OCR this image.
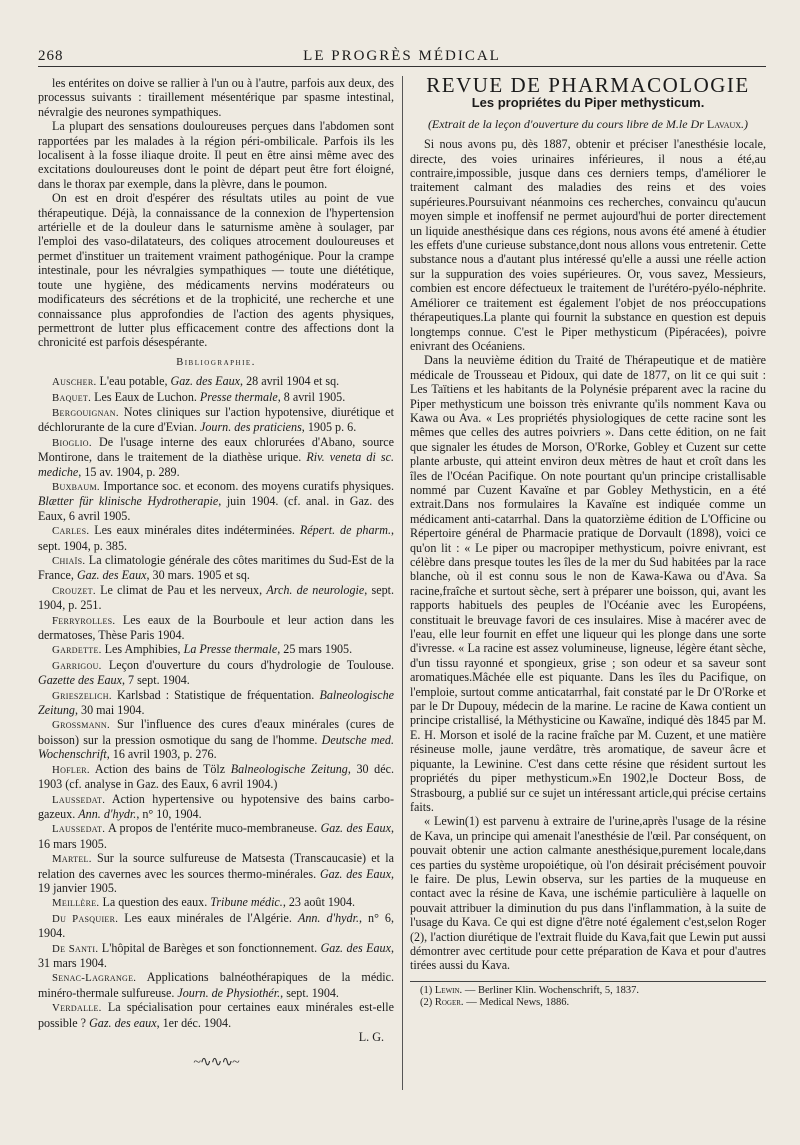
268	LE PROGRÈS MÉDICAL

les entérites on doive se rallier à l'un ou à l'autre, parfois aux deux, des processus suivants : tiraillement mésentérique par spasme intestinal, névralgie des neurones sympathiques.

La plupart des sensations douloureuses perçues dans l'abdomen sont rapportées par les malades à la région péri-ombilicale. Parfois ils les localisent à la fosse iliaque droite. Il peut en être ainsi même avec des excitations douloureuses dont le point de départ peut être fort éloigné, dans le thorax par exemple, dans la plèvre, dans le poumon.

On est en droit d'espérer des résultats utiles au point de vue thérapeutique. Déjà, la connaissance de la connexion de l'hypertension artérielle et de la douleur dans le saturnisme amène à soulager, par l'emploi des vaso-dilatateurs, des coliques atrocement douloureuses et permet d'instituer un traitement vraiment pathogénique. Pour la crampe intestinale, pour les névralgies sympathiques — toute une diététique, toute une hygiène, des médicaments nervins modérateurs ou modificateurs des sécrétions et de la trophicité, une recherche et une connaissance plus approfondies de l'action des agents physiques, permettront de lutter plus efficacement contre des affections dont la chronicité est parfois désespérante.

Bibliographie.

Auscher. L'eau potable, Gaz. des Eaux, 28 avril 1904 et sq.

Baquet. Les Eaux de Luchon. Presse thermale, 8 avril 1905.

Bergouignan. Notes cliniques sur l'action hypotensive, diurétique et déchlorurante de la cure d'Evian. Journ. des praticiens, 1905 p. 6.

Bioglio. De l'usage interne des eaux chlorurées d'Abano, source Montirone, dans le traitement de la diathèse urique. Riv. veneta di sc. mediche, 15 av. 1904, p. 289.

Buxbaum. Importance soc. et econom. des moyens curatifs physiques. Blætter für klinische Hydrotherapie, juin 1904. (cf. anal. in Gaz. des Eaux, 6 avril 1905.

Carles. Les eaux minérales dites indéterminées. Répert. de pharm., sept. 1904, p. 385.

Chiaïs. La climatologie générale des côtes maritimes du Sud-Est de la France, Gaz. des Eaux, 30 mars. 1905 et sq.

Crouzet. Le climat de Pau et les nerveux, Arch. de neurologie, sept. 1904, p. 251.

Ferryrolles. Les eaux de la Bourboule et leur action dans les dermatoses, Thèse Paris 1904.

Gardette. Les Amphibies, La Presse thermale, 25 mars 1905.

Garrigou. Leçon d'ouverture du cours d'hydrologie de Toulouse. Gazette des Eaux, 7 sept. 1904.

Grieszelich. Karlsbad : Statistique de fréquentation. Balneologische Zeitung, 30 mai 1904.

Grossmann. Sur l'influence des cures d'eaux minérales (cures de boisson) sur la pression osmotique du sang de l'homme. Deutsche med. Wochenschrift, 16 avril 1903, p. 276.

Hofler. Action des bains de Tölz Balneologische Zeitung, 30 déc. 1903 (cf. analyse in Gaz. des Eaux, 6 avril 1904.)

Laussedat. Action hypertensive ou hypotensive des bains carbo-gazeux. Ann. d'hydr., n° 10, 1904.

Laussedat. A propos de l'entérite muco-membraneuse. Gaz. des Eaux, 16 mars 1905.

Martel. Sur la source sulfureuse de Matsesta (Transcaucasie) et la relation des cavernes avec les sources thermo-minérales. Gaz. des Eaux, 19 janvier 1905.

Meillère. La question des eaux. Tribune médic., 23 août 1904.

Du Pasquier. Les eaux minérales de l'Algérie. Ann. d'hydr., n° 6, 1904.

De Santi. L'hôpital de Barèges et son fonctionnement. Gaz. des Eaux, 31 mars 1904.

Senac-Lagrange. Applications balnéothérapiques de la médic. minéro-thermale sulfureuse. Journ. de Physiothér., sept. 1904.

Verdalle. La spécialisation pour certaines eaux minérales est-elle possible ? Gaz. des eaux, 1er déc. 1904.

L. G.
~∿∿∿~
REVUE DE PHARMACOLOGIE
Les propriétes du Piper methysticum.
(Extrait de la leçon d'ouverture du cours libre de M.le Dr Lavaux.)

Si nous avons pu, dès 1887, obtenir et préciser l'anesthésie locale, directe, des voies urinaires inférieures, il nous a été,au contraire,impossible, jusque dans ces derniers temps, d'améliorer le traitement calmant des maladies des reins et des voies supérieures.Poursuivant néanmoins ces recherches, convaincu qu'aucun moyen simple et inoffensif ne permet aujourd'hui de porter directement un liquide anesthésique dans ces régions, nous avons été amené à étudier les effets d'une curieuse substance,dont nous allons vous entretenir. Cette substance nous a d'autant plus intéressé qu'elle a aussi une réelle action sur la suppuration des voies supérieures. Or, vous savez, Messieurs, combien est encore défectueux le traitement de l'urétéro-pyélo-néphrite. Améliorer ce traitement est également l'objet de nos préoccupations thérapeutiques.La plante qui fournit la substance en question est depuis longtemps connue. C'est le Piper methysticum (Pipéracées), poivre enivrant des Océaniens.

Dans la neuvième édition du Traité de Thérapeutique et de matière médicale de Trousseau et Pidoux, qui date de 1877, on lit ce qui suit : Les Taïtiens et les habitants de la Polynésie préparent avec la racine du Piper methysticum une boisson très enivrante qu'ils nomment Kava ou Kawa ou Ava. « Les propriétés physiologiques de cette racine sont les mêmes que celles des autres poivriers ». Dans cette édition, on ne fait que signaler les études de Morson, O'Rorke, Gobley et Cuzent sur cette plante arbuste, qui atteint environ deux mètres de haut et croît dans les îles de l'Océan Pacifique. On note pourtant qu'un principe cristallisable nommé par Cuzent Kavaïne et par Gobley Methysticin, en a été extrait.Dans nos formulaires la Kavaïne est indiquée comme un médicament anti-catarrhal. Dans la quatorzième édition de L'Officine ou Répertoire général de Pharmacie pratique de Dorvault (1898), voici ce qu'on lit : « Le piper ou macropiper methysticum, poivre enivrant, est célèbre dans presque toutes les îles de la mer du Sud habitées par la race blanche, où il est connu sous le non de Kawa-Kawa ou d'Ava. Sa racine,fraîche et surtout sèche, sert à préparer une boisson, qui, avant les rapports habituels des peuples de l'Océanie avec les Européens, constituait le breuvage favori de ces insulaires. Mise à macérer avec de l'eau, elle leur fournit en effet une liqueur qui les plonge dans une sorte d'ivresse. « La racine est assez volumineuse, ligneuse, légère étant sèche, d'un tissu rayonné et spongieux, grise ; son odeur et sa saveur sont aromatiques.Mâchée elle est piquante. Dans les îles du Pacifique, on l'emploie, surtout comme anticatarrhal, fait constaté par le Dr O'Rorke et par le Dr Dupouy, médecin de la marine. Le racine de Kawa contient un principe cristallisé, la Méthysticine ou Kawaïne, indiqué dès 1845 par M. E. H. Morson et isolé de la racine fraîche par M. Cuzent, et une matière résineuse molle, jaune verdâtre, très aromatique, de saveur âcre et piquante, la Lewinine. C'est dans cette résine que résident surtout les propriétés du piper methysticum.»En 1902,le Docteur Boss, de Strasbourg, a publié sur ce sujet un intéressant article,qui précise certains faits.

« Lewin(1) est parvenu à extraire de l'urine,après l'usage de la résine de Kava, un principe qui amenait l'anesthésie de l'œil. Par conséquent, on pouvait obtenir une action calmante anesthésique,purement locale,dans ces parties du système uropoiétique, où l'on désirait précisément pouvoir le faire. De plus, Lewin observa, sur les parties de la muqueuse en contact avec la résine de Kava, une ischémie particulière à laquelle on pouvait attribuer la diminution du pus dans l'inflammation, à la suite de l'usage du Kava. Ce qui est digne d'être noté également c'est,selon Roger (2), l'action diurétique de l'extrait fluide du Kava,fait que Lewin put aussi démontrer avec certitude pour cette préparation de Kava et pour d'autres tirées aussi du Kava.

(1) Lewin. — Berliner Klin. Wochenschrift, 5, 1837.
(2) Roger. — Medical News, 1886.
